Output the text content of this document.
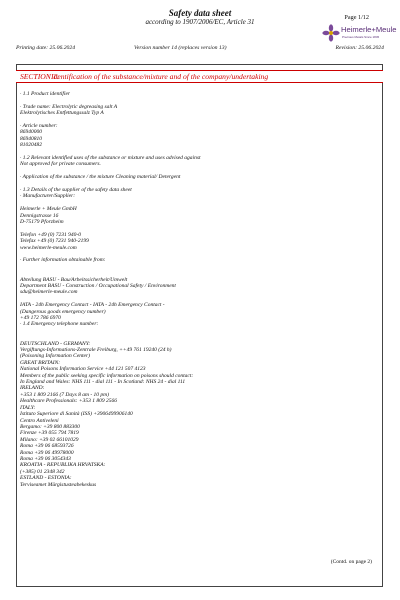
Safety data sheet
according to 1907/2006/EC, Article 31
Page 1/12
Heimerle+Meule
Precious Metals Since 1845
Printing date: 25.06.2024	Version number 14 (replaces version 13)	Revision: 25.06.2024
SECTION 1:
Identification of the substance/mixture and of the company/undertaking
· 1.1 Product identifier
· Trade name: Electrolytic degreasing salt A
Elektrolytisches Entfettungssalz Typ A
· Article number:
86940000
86940810
81020482
· 1.2 Relevant identified uses of the substance or mixture and uses advised against
Not approved for private consumers.
· Application of the substance / the mixture Cleaning material/ Detergent
· 1.3 Details of the supplier of the safety data sheet
· Manufacturer/Supplier:
Heimerle + Meule GmbH
Dennigstrasse 16
D-75179 Pforzheim
Telefon +49 (0) 7231 940-0
Telefax +49 (0) 7231 940-2199
www.heimerle-meule.com
· Further information obtainable from:
Abteilung BASU - Bau/Arbeitssicherheit/Umwelt
Department BASU - Construction / Occupational Safety / Environment
sdu@heimerle-meule.com
IATA - 24h Emergency Contact - IATA - 24h Emergency Contact -
(Dangerous goods emergency number)
+49 172 786 6970
· 1.4 Emergency telephone number:
DEUTSCHLAND - GERMANY:
Vergiftungs-Informations-Zentrale Freiburg, ++49 761 19240 (24 h)
(Poisoning Information Center)
GREAT BRITAIN:
National Poisons Information Service +44 121 507 4123
Members of the public seeking specific information on poisons should contact:
In England and Wales: NHS 111 - dial 111 - In Scotland: NHS 24 - dial 111
IRELAND:
+353 1 809 2166 (7 Days 8 am - 10 pm)
Healthcare Professionals: +353 1 809 2566
ITALY:
Istituto Superiore di Sanità (ISS) +3906499906140
Centro Antiveleni
Bergamo: +39 800 883300
Firenze +39 055 794 7819
Milano: +39 02 66101029
Roma +39 06 68593726
Roma +39 06 49978000
Roma +39 06 3054343
KROATIA - REPUBLIKA HRVATSKA:
(+385) 01 2348 342
ESTLAND - ESTONIA:
Terviseamet Mürgistusteabekeskus
(Contd. on page 2)
